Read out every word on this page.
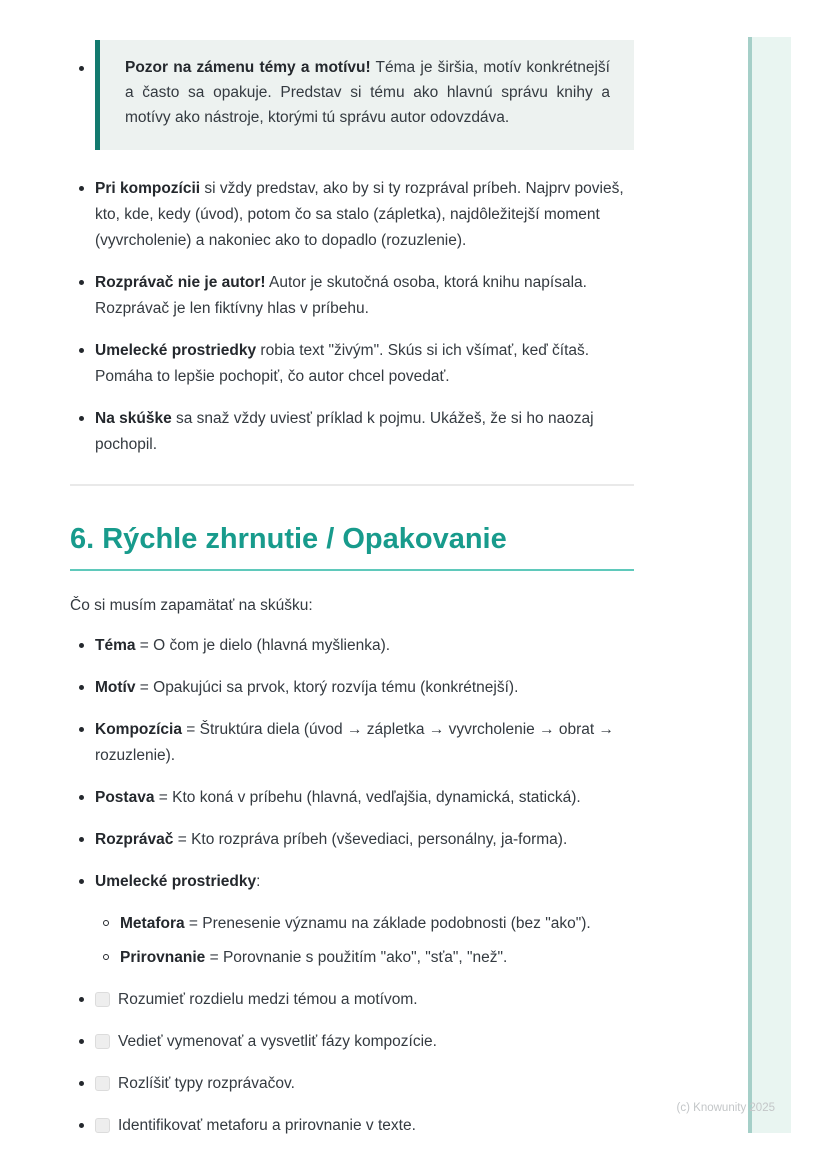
Pozor na zámenu témy a motívu! Téma je širšia, motív konkrétnejší a často sa opakuje. Predstav si tému ako hlavnú správu knihy a motívy ako nástroje, ktorými tú správu autor odovzdáva.

Pri kompozícii si vždy predstav, ako by si ty rozprával príbeh. Najprv povieš, kto, kde, kedy (úvod), potom čo sa stalo (zápletka), najdôležitejší moment (vyvrcholenie) a nakoniec ako to dopadlo (rozuzlenie).
Rozprávač nie je autor! Autor je skutočná osoba, ktorá knihu napísala. Rozprávač je len fiktívny hlas v príbehu.
Umelecké prostriedky robia text "živým". Skús si ich všímať, keď čítaš. Pomáha to lepšie pochopiť, čo autor chcel povedať.
Na skúške sa snaž vždy uviesť príklad k pojmu. Ukážeš, že si ho naozaj pochopil.
6. Rýchle zhrnutie / Opakovanie

Čo si musím zapamätať na skúšku:

Téma = O čom je dielo (hlavná myšlienka).
Motív = Opakujúci sa prvok, ktorý rozvíja tému (konkrétnejší).
Kompozícia = Štruktúra diela (úvod → zápletka → vyvrcholenie → obrat → rozuzlenie).
Postava = Kto koná v príbehu (hlavná, vedľajšia, dynamická, statická).
Rozprávač = Kto rozpráva príbeh (vševediaci, personálny, ja-forma).
Umelecké prostriedky:
Metafora = Prenesenie významu na základe podobnosti (bez "ako").
Prirovnanie = Porovnanie s použitím "ako", "sťa", "než".
Rozumieť rozdielu medzi témou a motívom.
Vedieť vymenovať a vysvetliť fázy kompozície.
Rozlíšiť typy rozprávačov.
Identifikovať metaforu a prirovnanie v texte.
(c) Knowunity 2025
